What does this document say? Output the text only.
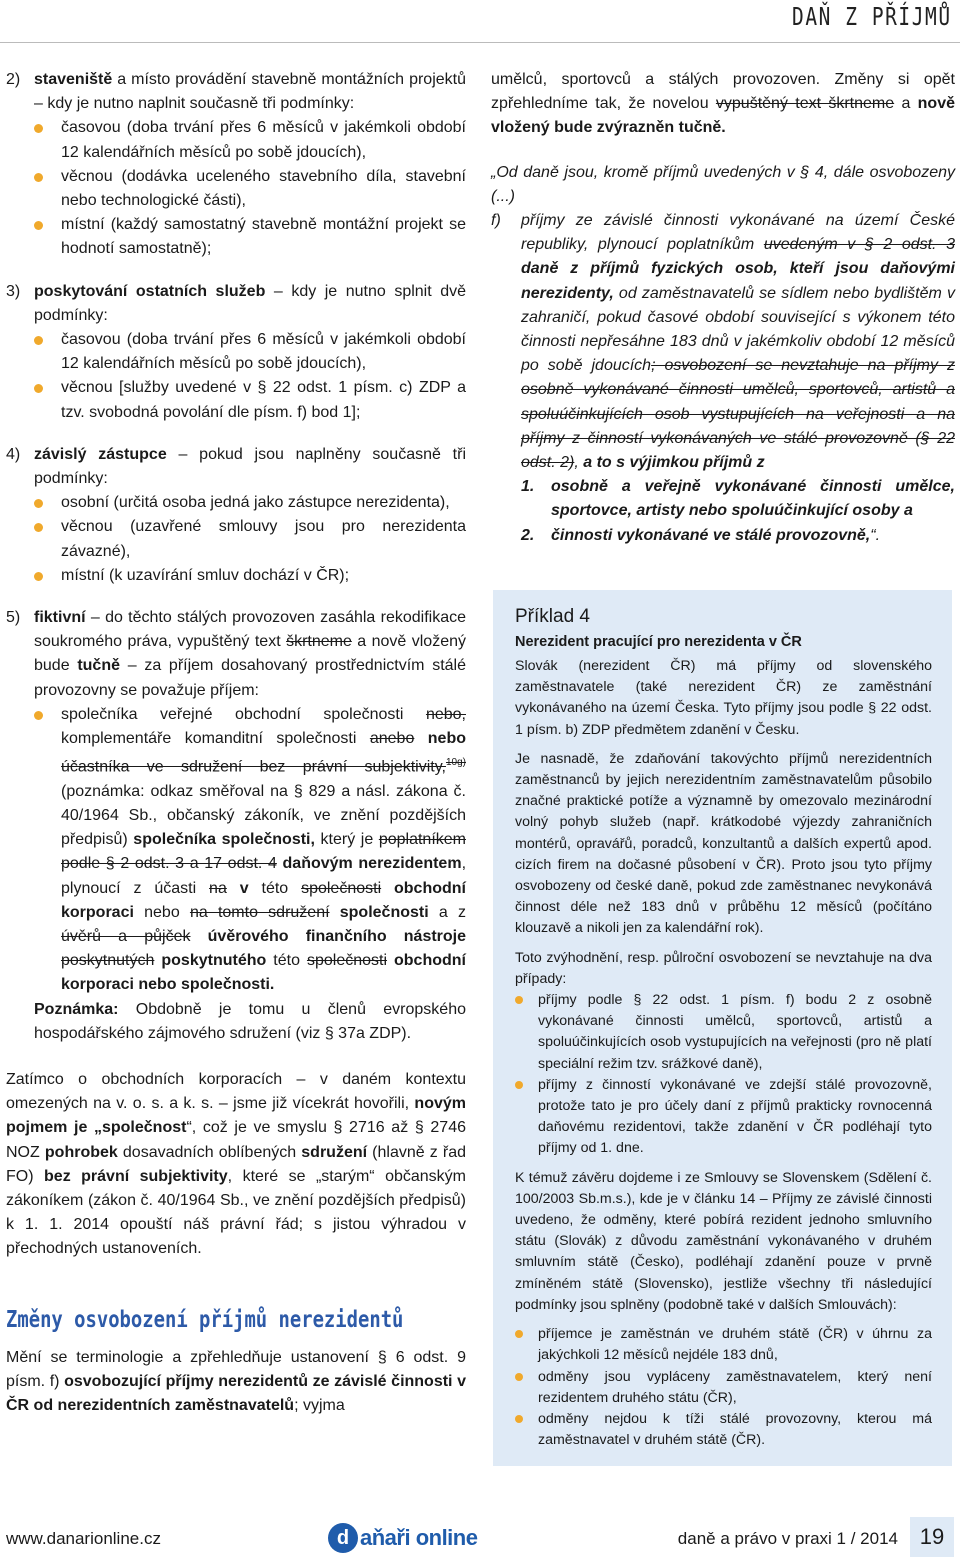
DAŇ Z PŘÍJMŮ
2) staveniště a místo provádění stavebně montážních projektů – kdy je nutno naplnit současně tři podmínky:
časovou (doba trvání přes 6 měsíců v jakémkoli období 12 kalendářních měsíců po sobě jdoucích),
věcnou (dodávka uceleného stavebního díla, stavební nebo technologické části),
místní (každý samostatný stavebně montážní projekt se hodnotí samostatně);
3) poskytování ostatních služeb – kdy je nutno splnit dvě podmínky:
časovou (doba trvání přes 6 měsíců v jakémkoli období 12 kalendářních měsíců po sobě jdoucích),
věcnou [služby uvedené v § 22 odst. 1 písm. c) ZDP a tzv. svobodná povolání dle písm. f) bod 1];
4) závislý zástupce – pokud jsou naplněny současně tři podmínky:
osobní (určitá osoba jedná jako zástupce nerezidenta),
věcnou (uzavřené smlouvy jsou pro nerezidenta závazné),
místní (k uzavírání smluv dochází v ČR);
5) fiktivní – do těchto stálých provozoven zasáhla rekodifikace soukromého práva, vypuštěný text škrtneme a nově vložený bude tučně – za příjem dosahovaný prostřednictvím stálé provozovny se považuje příjem:
společníka veřejné obchodní společnosti nebo, komplementáře komanditní společnosti anebo nebo účastníka ve sdružení bez právní subjektivity,$^{10g)}$ (poznámka: odkaz směřoval na § 829 a násl. zákona č. 40/1964 Sb., občanský zákoník, ve znění pozdějších předpisů) společníka společnosti, který je poplatníkem podle § 2 odst. 3 a 17 odst. 4 daňovým nerezidentem, plynoucí z účasti na v této společnosti obchodní korporaci nebo na tomto sdružení společnosti a z úvěrů a půjček úvěrového finančního nástroje poskytnutých poskytnutého této společnosti obchodní korporaci nebo společnosti.
Poznámka: Obdobně je tomu u členů evropského hospodářského zájmového sdružení (viz § 37a ZDP).

Zatímco o obchodních korporacích – v daném kontextu omezených na v. o. s. a k. s. – jsme již vícekrát hovořili, novým pojmem je „společnost“, což je ve smyslu § 2716 až § 2746 NOZ pohrobek dosavadních oblíbených sdružení (hlavně z řad FO) bez právní subjektivity, které se „starým“ občanským zákoníkem (zákon č. 40/1964 Sb., ve znění pozdějších předpisů) k 1. 1. 2014 opouští náš právní řád; s jistou výhradou v přechodných ustanoveních.

Změny osvobození příjmů nerezidentů

Mění se terminologie a zpřehledňuje ustanovení § 6 odst. 9 písm. f) osvobozující příjmy nerezidentů ze závislé činnosti v ČR od nerezidentních zaměstnavatelů; vyjma

umělců, sportovců a stálých provozoven. Změny si opět zpřehledníme tak, že novelou vypuštěný text škrtneme a nově vložený bude zvýrazněn tučně.

„Od daně jsou, kromě příjmů uvedených v § 4, dále osvobozeny (...)

f) příjmy ze závislé činnosti vykonávané na území České republiky, plynoucí poplatníkům uvedeným v § 2 odst. 3 daně z příjmů fyzických osob, kteří jsou daňovými nerezidenty, od zaměstnavatelů se sídlem nebo bydlištěm v zahraničí, pokud časové období související s výkonem této činnosti nepřesáhne 183 dnů v jakémkoliv období 12 měsíců po sobě jdoucích; osvobození se nevztahuje na příjmy z osobně vykonávané činnosti umělců, sportovců, artistů a spoluúčinkujících osob vystupujících na veřejnosti a na příjmy z činností vykonávaných ve stálé provozovně (§ 22 odst. 2), a to s výjimkou příjmů z
1. osobně a veřejně vykonávané činnosti umělce, sportovce, artisty nebo spoluúčinkující osoby a
2. činnosti vykonávané ve stálé provozovně,“.
Příklad 4

Nerezident pracující pro nerezidenta v ČR

Slovák (nerezident ČR) má příjmy od slovenského zaměstnavatele (také nerezident ČR) ze zaměstnání vykonávaného na území Česka. Tyto příjmy jsou podle § 22 odst. 1 písm. b) ZDP předmětem zdanění v Česku.

Je nasnadě, že zdaňování takovýchto příjmů nerezidentních zaměstnanců by jejich nerezidentním zaměstnavatelům působilo značné praktické potíže a významně by omezovalo mezinárodní volný pohyb služeb (např. krátkodobé výjezdy zahraničních montérů, opravářů, poradců, konzultantů a dalších expertů apod. cizích firem na dočasné působení v ČR). Proto jsou tyto příjmy osvobozeny od české daně, pokud zde zaměstnanec nevykonává činnost déle než 183 dnů v průběhu 12 měsíců (počítáno klouzavě a nikoli jen za kalendářní rok).

Toto zvýhodnění, resp. půlroční osvobození se nevztahuje na dva případy:

příjmy podle § 22 odst. 1 písm. f) bodu 2 z osobně vykonávané činnosti umělců, sportovců, artistů a spoluúčinkujících osob vystupujících na veřejnosti (pro ně platí speciální režim tzv. srážkové daně),
příjmy z činností vykonávané ve zdejší stálé provozovně, protože tato je pro účely daní z příjmů prakticky rovnocenná daňovému rezidentovi, takže zdanění v ČR podléhají tyto příjmy od 1. dne.

K témuž závěru dojdeme i ze Smlouvy se Slovenskem (Sdělení č. 100/2003 Sb.m.s.), kde je v článku 14 – Příjmy ze závislé činnosti uvedeno, že odměny, které pobírá rezident jednoho smluvního státu (Slovák) z důvodu zaměstnání vykonávaného v druhém smluvním státě (Česko), podléhají zdanění pouze v prvně zmíněném státě (Slovensko), jestliže všechny tři následující podmínky jsou splněny (podobně také v dalších Smlouvách):

příjemce je zaměstnán ve druhém státě (ČR) v úhrnu za jakýchkoli 12 měsíců nejdéle 183 dnů,
odměny jsou vypláceny zaměstnavatelem, který není rezidentem druhého státu (ČR),
odměny nejdou k tíži stálé provozovny, kterou má zaměstnavatel v druhém státě (ČR).
www.danarionline.cz	d aňaři online	daně a právo v praxi 1 / 2014 19
